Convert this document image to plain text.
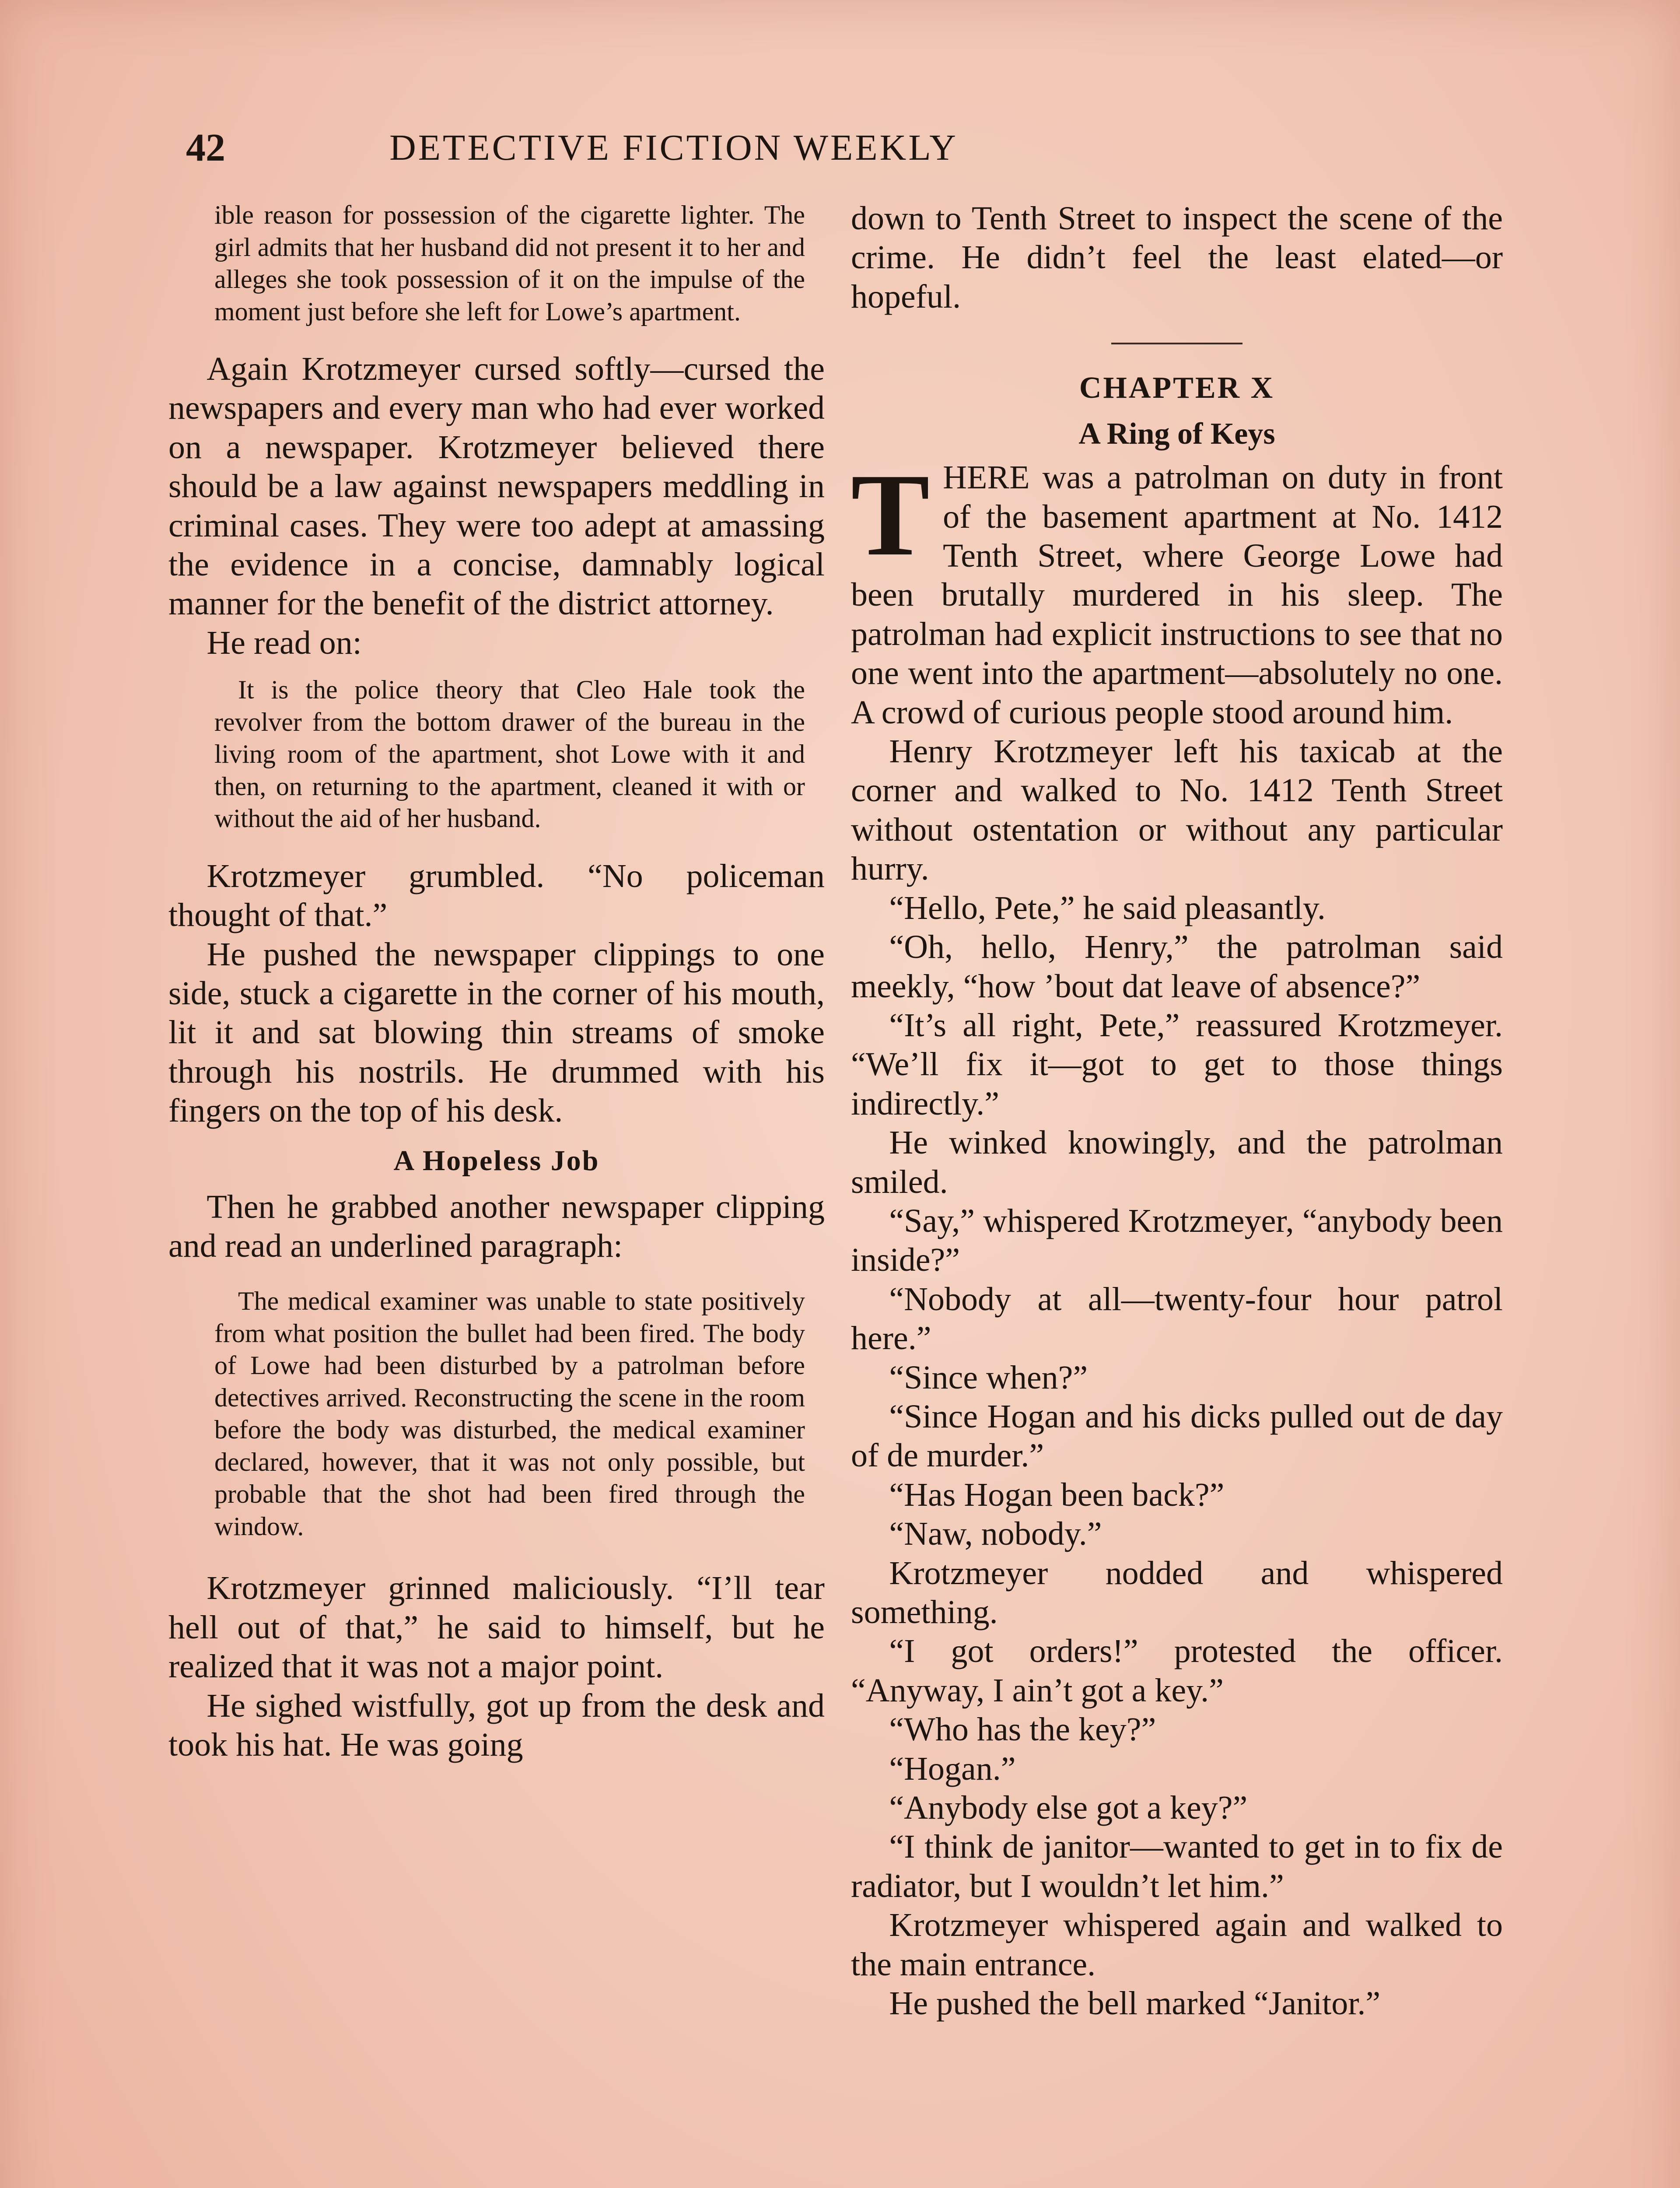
42	DETECTIVE FICTION WEEKLY

ible reason for possession of the cigarette lighter. The girl admits that her husband did not present it to her and alleges she took possession of it on the impulse of the moment just before she left for Lowe’s apartment.

Again Krotzmeyer cursed softly—cursed the newspapers and every man who had ever worked on a newspaper. Krotzmeyer believed there should be a law against newspapers meddling in criminal cases. They were too adept at amassing the evidence in a concise, damnably logical manner for the benefit of the district attorney.

He read on:

It is the police theory that Cleo Hale took the revolver from the bottom drawer of the bureau in the living room of the apartment, shot Lowe with it and then, on returning to the apartment, cleaned it with or without the aid of her husband.

Krotzmeyer grumbled. “No policeman thought of that.”

He pushed the newspaper clippings to one side, stuck a cigarette in the corner of his mouth, lit it and sat blowing thin streams of smoke through his nostrils. He drummed with his fingers on the top of his desk.

A Hopeless Job

Then he grabbed another newspaper clipping and read an underlined paragraph:

The medical examiner was unable to state positively from what position the bullet had been fired. The body of Lowe had been disturbed by a patrolman before detectives arrived. Reconstructing the scene in the room before the body was disturbed, the medical examiner declared, however, that it was not only possible, but probable that the shot had been fired through the window.

Krotzmeyer grinned maliciously. “I’ll tear hell out of that,” he said to himself, but he realized that it was not a major point.

He sighed wistfully, got up from the desk and took his hat. He was going

down to Tenth Street to inspect the scene of the crime. He didn’t feel the least elated—or hopeful.

CHAPTER X

A Ring of Keys

THERE was a patrolman on duty in front of the basement apartment at No. 1412 Tenth Street, where George Lowe had been brutally murdered in his sleep. The patrolman had explicit instructions to see that no one went into the apartment—absolutely no one. A crowd of curious people stood around him.

Henry Krotzmeyer left his taxicab at the corner and walked to No. 1412 Tenth Street without ostentation or without any particular hurry.

“Hello, Pete,” he said pleasantly.

“Oh, hello, Henry,” the patrolman said meekly, “how ’bout dat leave of absence?”

“It’s all right, Pete,” reassured Krotzmeyer. “We’ll fix it—got to get to those things indirectly.”

He winked knowingly, and the patrolman smiled.

“Say,” whispered Krotzmeyer, “anybody been inside?”

“Nobody at all—twenty-four hour patrol here.”

“Since when?”

“Since Hogan and his dicks pulled out de day of de murder.”

“Has Hogan been back?”

“Naw, nobody.”

Krotzmeyer nodded and whispered something.

“I got orders!” protested the officer. “Anyway, I ain’t got a key.”

“Who has the key?”

“Hogan.”

“Anybody else got a key?”

“I think de janitor—wanted to get in to fix de radiator, but I wouldn’t let him.”

Krotzmeyer whispered again and walked to the main entrance.

He pushed the bell marked “Janitor.”
